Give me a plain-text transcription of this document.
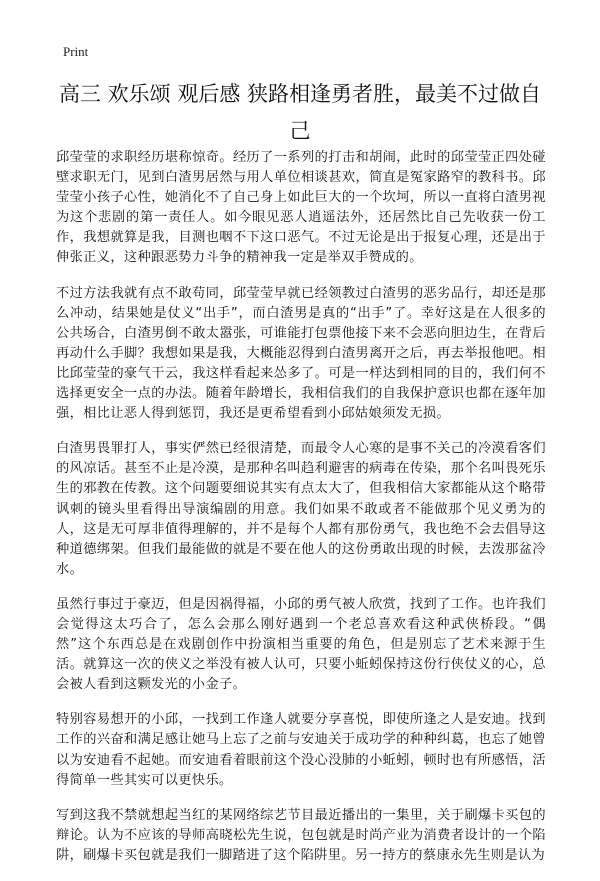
Print
高三 欢乐颂 观后感 狭路相逢勇者胜，最美不过做自己

邱莹莹的求职经历堪称惊奇。经历了一系列的打击和胡闹，此时的邱莹莹正四处碰壁求职无门，见到白渣男居然与用人单位相谈甚欢，简直是冤家路窄的教科书。邱莹莹小孩子心性，她消化不了自己身上如此巨大的一个坎坷，所以一直将白渣男视为这个悲剧的第一责任人。如今眼见恶人逍遥法外，还居然比自己先收获一份工作，我想就算是我，目测也咽不下这口恶气。不过无论是出于报复心理，还是出于伸张正义，这种跟恶势力斗争的精神我一定是举双手赞成的。

不过方法我就有点不敢苟同，邱莹莹早就已经领教过白渣男的恶劣品行，却还是那么冲动，结果她是仗义“出手”，而白渣男是真的“出手”了。幸好这是在人很多的公共场合，白渣男倒不敢太嚣张，可谁能打包票他接下来不会恶向胆边生，在背后再动什么手脚？我想如果是我，大概能忍得到白渣男离开之后，再去举报他吧。相比邱莹莹的豪气干云，我这样看起来怂多了。可是一样达到相同的目的，我们何不选择更安全一点的办法。随着年龄增长，我相信我们的自我保护意识也都在逐年加强，相比让恶人得到惩罚，我还是更希望看到小邱姑娘须发无损。

白渣男畏罪打人，事实俨然已经很清楚，而最令人心寒的是事不关己的冷漠看客们的风凉话。甚至不止是冷漠，是那种名叫趋利避害的病毒在传染，那个名叫畏死乐生的邪教在传教。这个问题要细说其实有点太大了，但我相信大家都能从这个略带讽刺的镜头里看得出导演编剧的用意。我们如果不敢或者不能做那个见义勇为的人，这是无可厚非值得理解的，并不是每个人都有那份勇气，我也绝不会去倡导这种道德绑架。但我们最能做的就是不要在他人的这份勇敢出现的时候，去泼那盆冷水。

虽然行事过于豪迈，但是因祸得福，小邱的勇气被人欣赏，找到了工作。也许我们会觉得这太巧合了，怎么会那么刚好遇到一个老总喜欢看这种武侠桥段。“偶然”这个东西总是在戏剧创作中扮演相当重要的角色，但是别忘了艺术来源于生活。就算这一次的侠义之举没有被人认可，只要小蚯蚓保持这份行侠仗义的心，总会被人看到这颗发光的小金子。

特别容易想开的小邱，一找到工作逢人就要分享喜悦，即使所逢之人是安迪。找到工作的兴奋和满足感让她马上忘了之前与安迪关于成功学的种种纠葛，也忘了她曾以为安迪看不起她。而安迪看着眼前这个没心没肺的小蚯蚓，顿时也有所感悟，活得简单一些其实可以更快乐。

写到这我不禁就想起当红的某网络综艺节目最近播出的一集里，关于刷爆卡买包的辩论。认为不应该的导师高晓松先生说，包包就是时尚产业为消费者设计的一个陷阱，刷爆卡买包就是我们一脚踏进了这个陷阱里。另一持方的蔡康永先生则是认为
